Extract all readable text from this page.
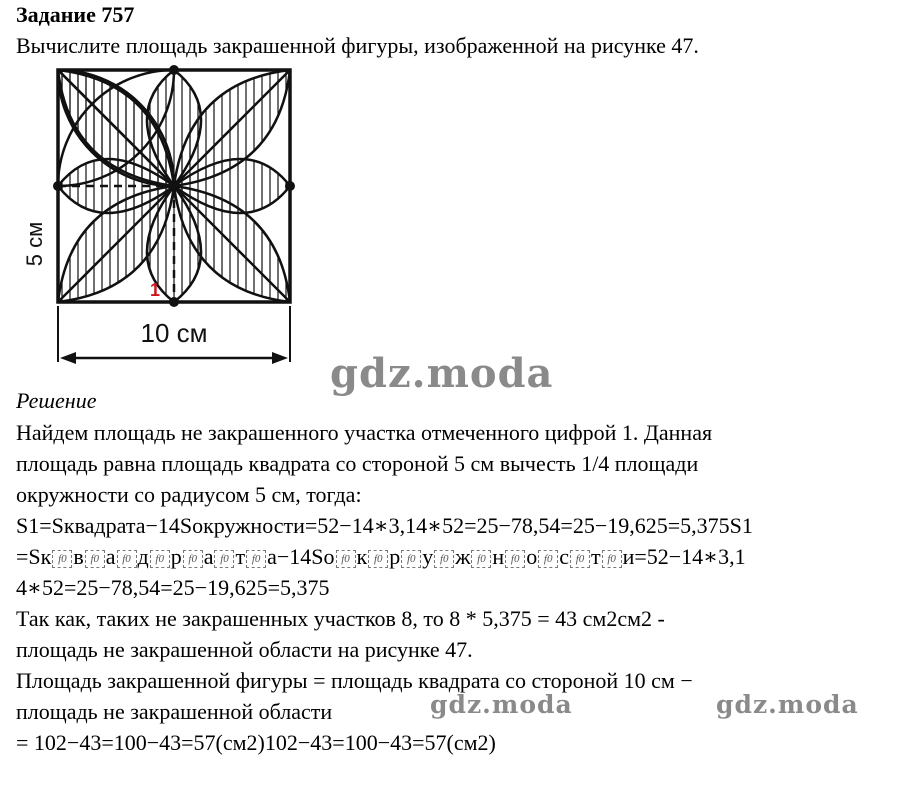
Задание 757
Вычислите площадь закрашенной фигуры, изображенной на рисунке 47.
10 см
5 см
1
gdz.moda
Решение
Найдем площадь не закрашенного участка отмеченного цифрой 1. Данная
площадь равна площадь квадрата со стороной 5 см вычесть 1/4 площади
окружности со радиусом 5 см, тогда:
S1=Sквадрата−14Sокружности=52−14∗3,14∗52=25−78,54=25−19,625=5,375S1
=Sк f0 в f0 а f0 д f0 р f0 а f0 т f0 а−14So f0 к f0 р f0 у f0 ж f0 н f0 о f0 с f0 т f0 и=52−14∗3,1
4∗52=25−78,54=25−19,625=5,375
Так как, таких не закрашенных участков 8, то 8 * 5,375 = 43 см2см2 -
площадь не закрашенной области на рисунке 47.
Площадь закрашенной фигуры = площадь квадрата со стороной 10 см −
площадь не закрашенной области
= 102−43=100−43=57(см2)102−43=100−43=57(см2)
gdz.moda	gdz.moda
